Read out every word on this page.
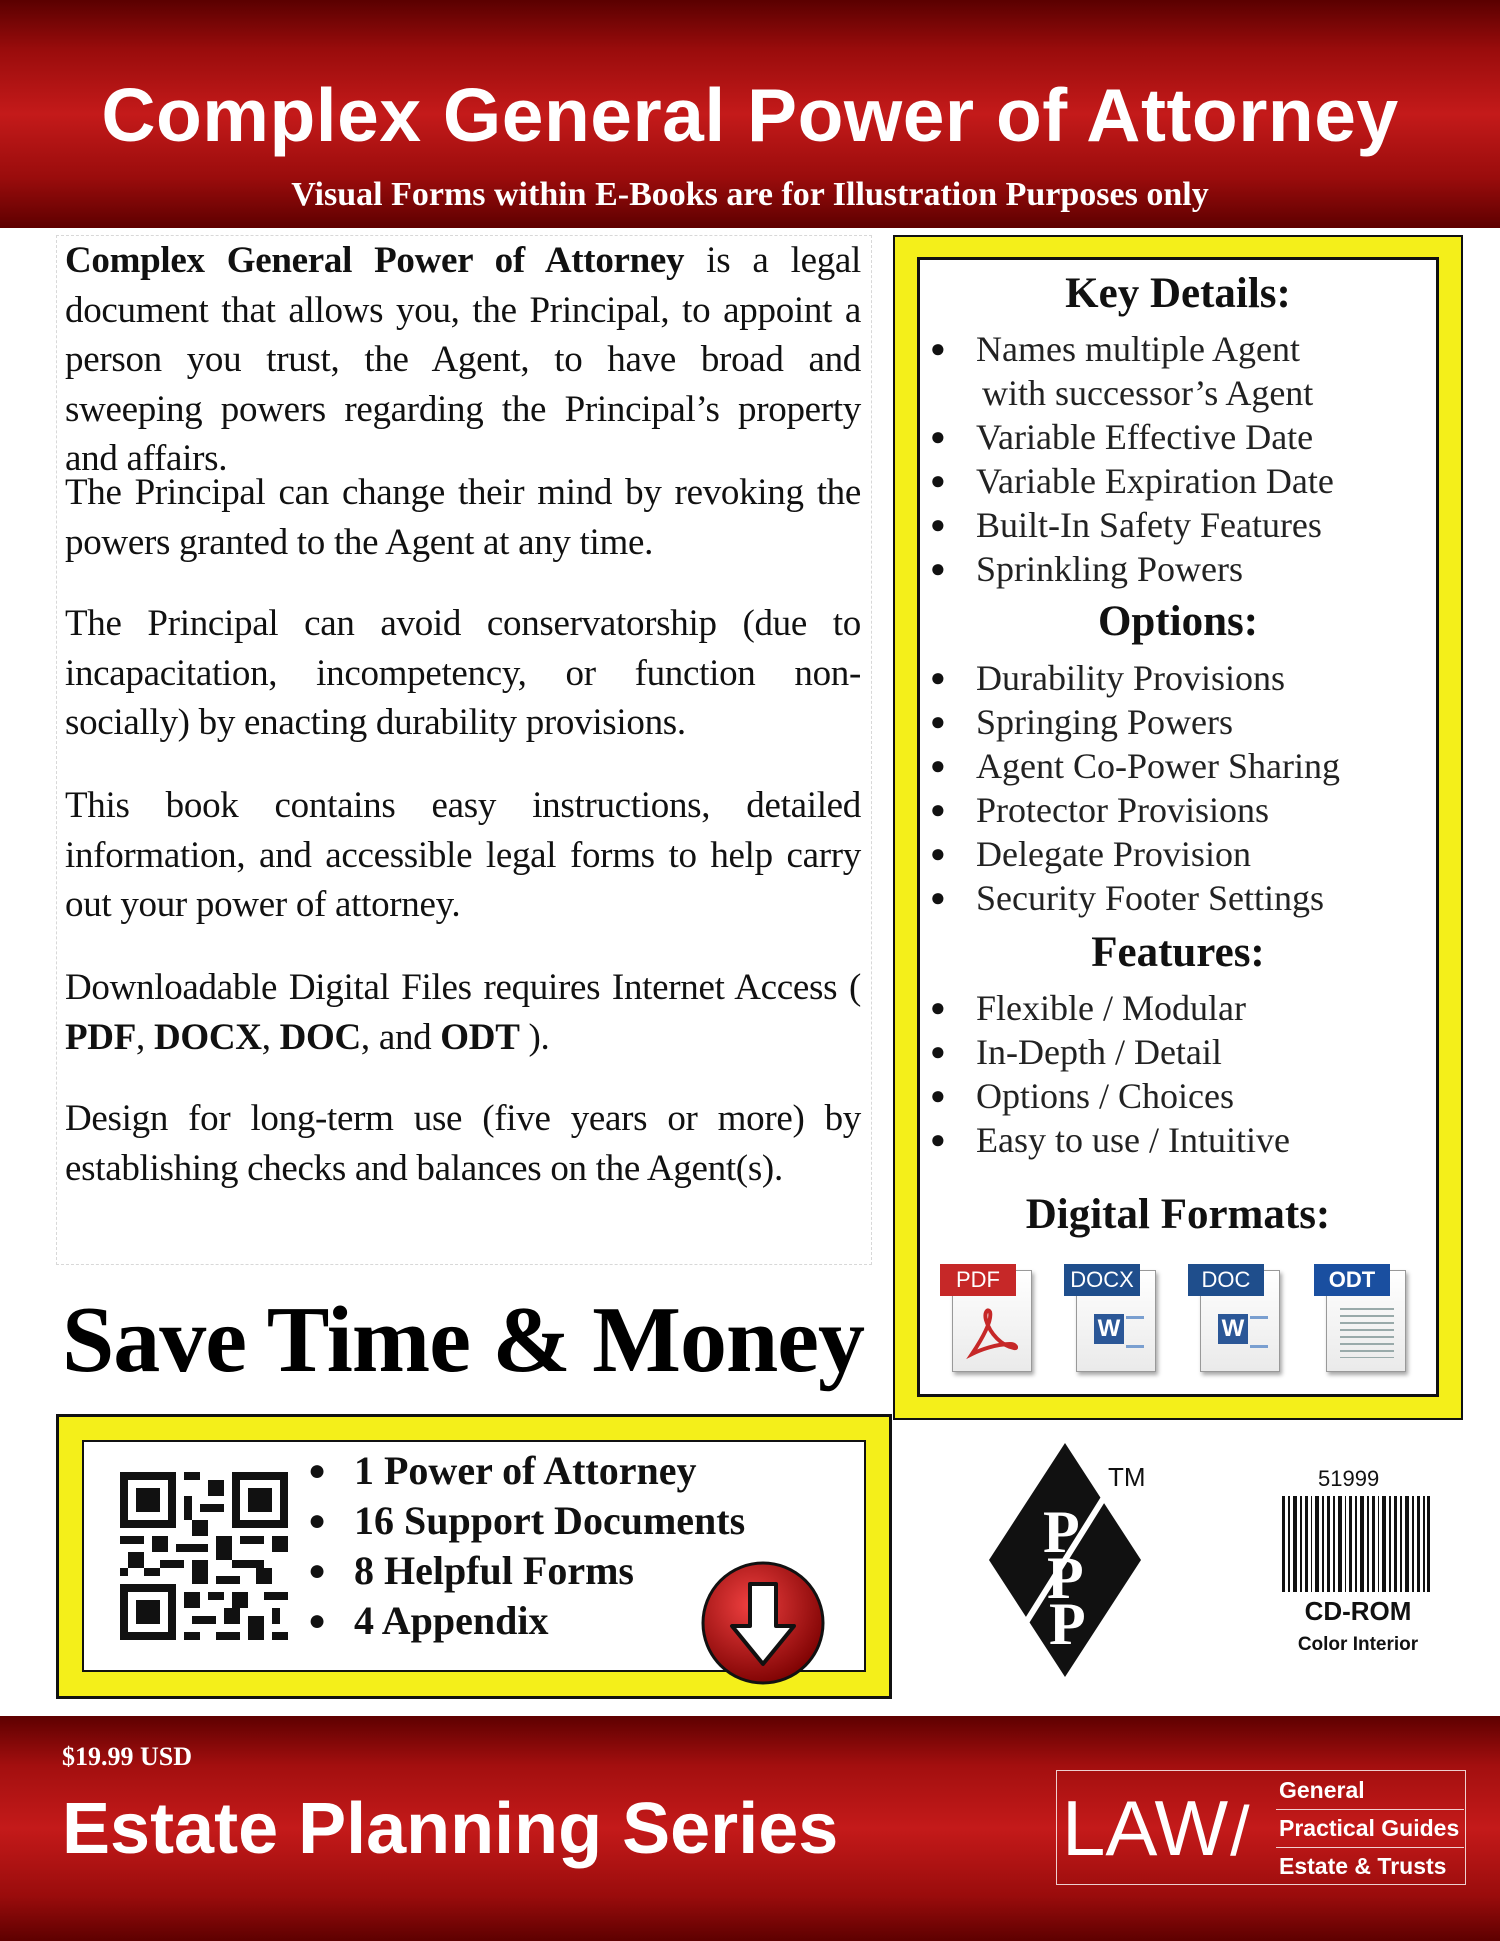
Complex General Power of Attorney
Visual Forms within E-Books are for Illustration Purposes only

Complex General Power of Attorney is a legal document that allows you, the Principal, to appoint a person you trust, the Agent, to have broad and sweeping powers regarding the Principal’s property and affairs.

The Principal can change their mind by revoking the powers granted to the Agent at any time.

The Principal can avoid conservatorship (due to incapacitation, incompetency, or function non-socially) by enacting durability provisions.

This book contains easy instructions, detailed information, and accessible legal forms to help carry out your power of attorney.

Downloadable Digital Files requires Internet Access ( PDF, DOCX, DOC, and ODT ).

Design for long-term use (five years or more) by establishing checks and balances on the Agent(s).

Save Time & Money
Key Details:
● Names multiple Agent
with successor’s Agent
● Variable Effective Date
● Variable Expiration Date
● Built-In Safety Features
● Sprinkling Powers
Options:
● Durability Provisions
● Springing Powers
● Agent Co-Power Sharing
● Protector Provisions
● Delegate Provision
● Security Footer Settings
Features:
● Flexible / Modular
● In-Depth / Detail
● Options / Choices
● Easy to use / Intuitive
Digital Formats:
PDF	DOCX
W
DOC
W
ODT
● 1 Power of Attorney
● 16 Support Documents
● 8 Helpful Forms
● 4 Appendix
P
P
P
TM	51999
CD-ROM
Color Interior
$19.99 USD
Estate Planning Series	LAW/
General
Practical Guides
Estate & Trusts
